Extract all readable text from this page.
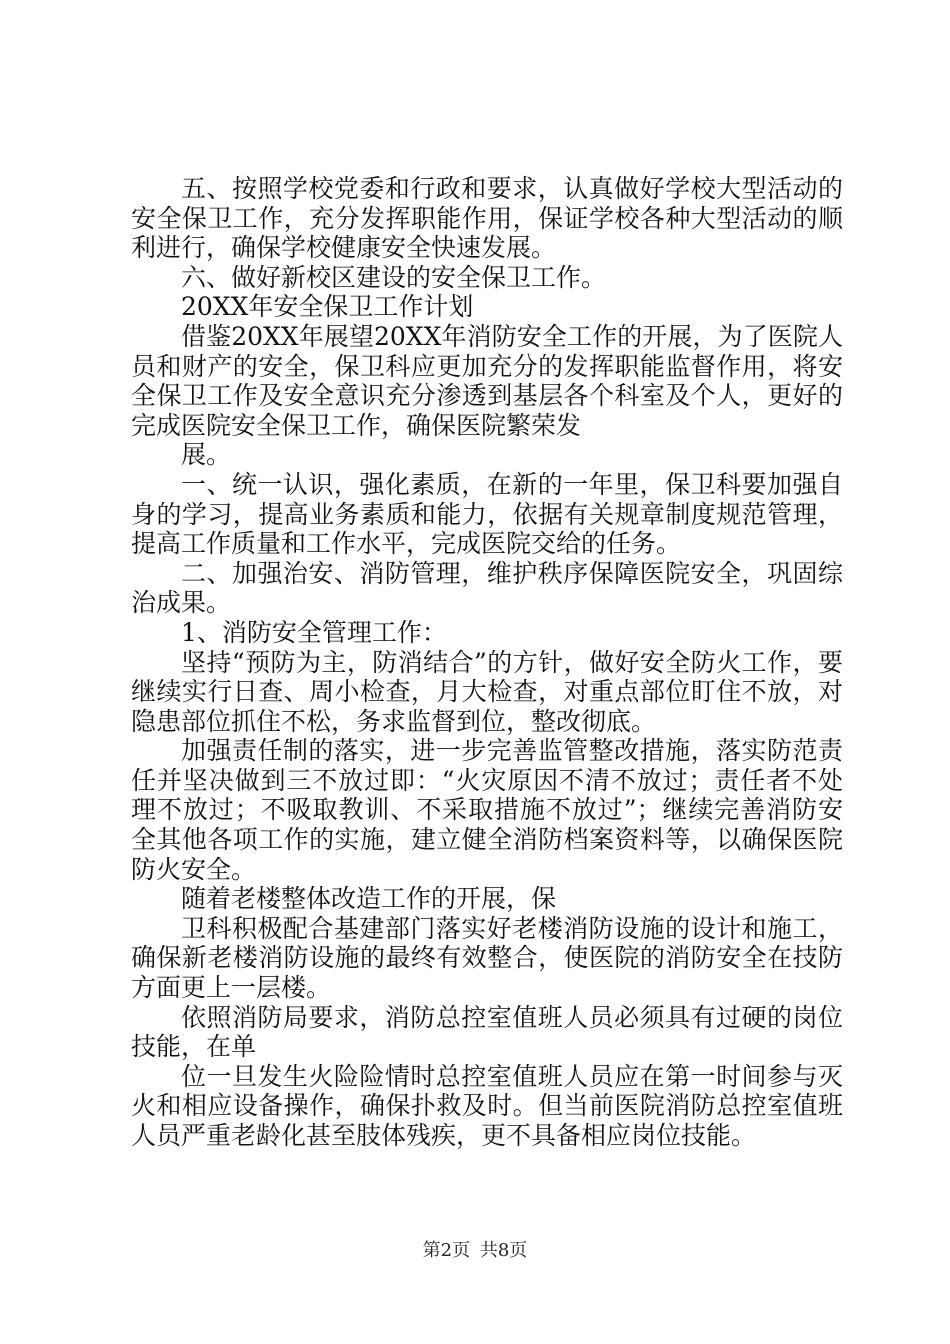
五、按照学校党委和行政和要求，认真做好学校大型活动的安全保卫工作，充分发挥职能作用，保证学校各种大型活动的顺利进行，确保学校健康安全快速发展。

六、做好新校区建设的安全保卫工作。

20XX年安全保卫工作计划

借鉴20XX年展望20XX年消防安全工作的开展，为了医院人员和财产的安全，保卫科应更加充分的发挥职能监督作用，将安全保卫工作及安全意识充分渗透到基层各个科室及个人，更好的完成医院安全保卫工作，确保医院繁荣发

展。

一、统一认识，强化素质，在新的一年里，保卫科要加强自身的学习，提高业务素质和能力，依据有关规章制度规范管理，提高工作质量和工作水平，完成医院交给的任务。

二、加强治安、消防管理，维护秩序保障医院安全，巩固综治成果。

1、消防安全管理工作：

坚持“预防为主，防消结合”的方针，做好安全防火工作，要继续实行日查、周小检查，月大检查，对重点部位盯住不放，对隐患部位抓住不松，务求监督到位，整改彻底。

加强责任制的落实，进一步完善监管整改措施，落实防范责任并坚决做到三不放过即：“火灾原因不清不放过；责任者不处理不放过；不吸取教训、不采取措施不放过”；继续完善消防安全其他各项工作的实施，建立健全消防档案资料等，以确保医院防火安全。

随着老楼整体改造工作的开展，保

卫科积极配合基建部门落实好老楼消防设施的设计和施工，确保新老楼消防设施的最终有效整合，使医院的消防安全在技防方面更上一层楼。

依照消防局要求，消防总控室值班人员必须具有过硬的岗位技能，在单

位一旦发生火险险情时总控室值班人员应在第一时间参与灭火和相应设备操作，确保扑救及时。但当前医院消防总控室值班人员严重老龄化甚至肢体残疾，更不具备相应岗位技能。

第2页 共8页
